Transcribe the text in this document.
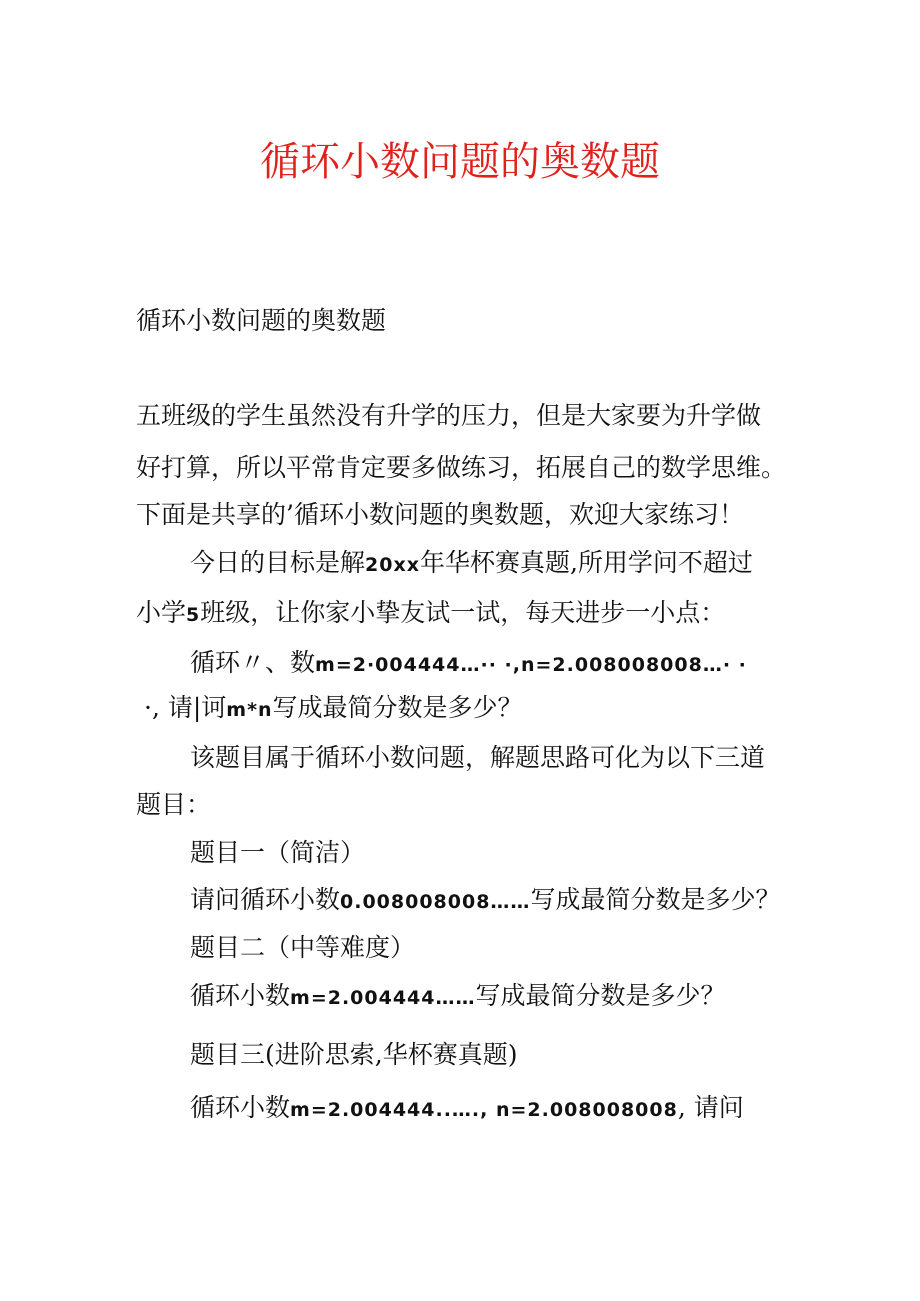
循环小数问题的奥数题
循环小数问题的奥数题
五班级的学生虽然没有升学的压力，但是大家要为升学做
好打算，所以平常肯定要多做练习，拓展自己的数学思维。
下面是共享的’循环小数问题的奥数题，欢迎大家练习！
今日的目标是解20xx年华杯赛真题,所用学问不超过
小学5班级，让你家小挚友试一试，每天进步一小点：
循环〃、数m=2·004444…·· ·,n=2.008008008…· ·
·, 请|诃m*n写成最简分数是多少？
该题目属于循环小数问题，解题思路可化为以下三道
题目：
题目一（简洁）
请问循环小数0.008008008……写成最简分数是多少？
题目二（中等难度）
循环小数m=2.004444……写成最简分数是多少？
题目三(进阶思索,华杯赛真题)
循环小数m=2.004444..…., n=2.008008008, 请问
